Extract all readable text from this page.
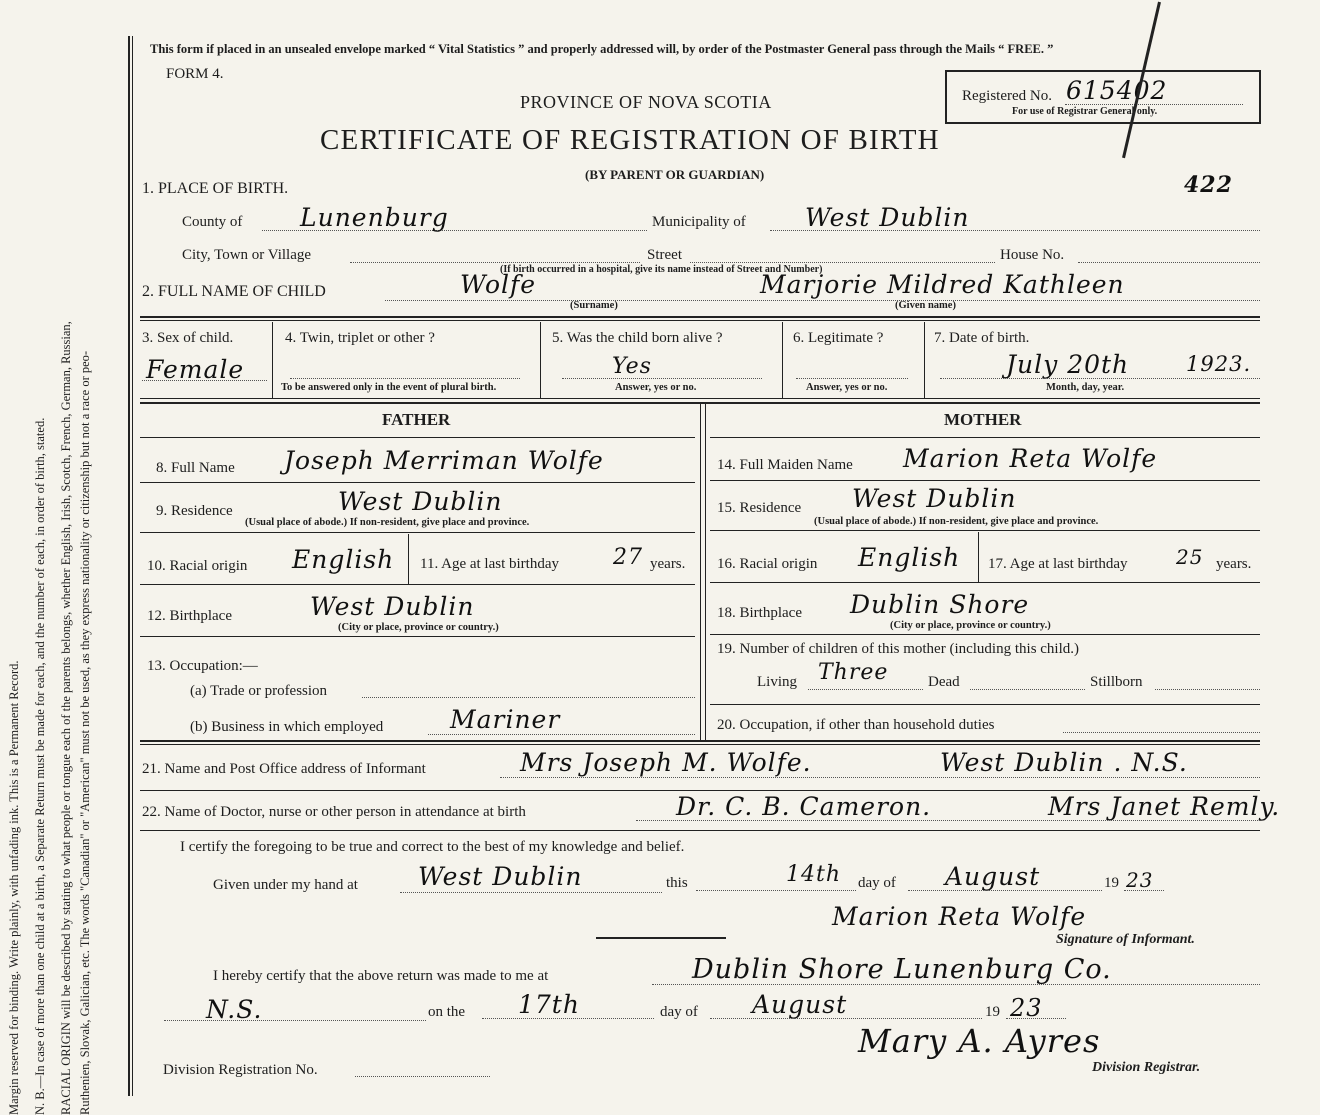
Margin reserved for binding. Write plainly, with unfading ink. This is a Permanent Record. N. B.—In case of more than one child at a birth, a Separate Return must be made for each, and the number of each, in order of birth, stated. RACIAL ORIGIN will be described by stating to what people or tongue each of the parents belongs, whether English, Irish, Scotch, French, German, Russian, Ruthenien, Slovak, Galician, etc. The words "Canadian" or "American" must not be used, as they express nationality or citizenship but not a race or peo-
This form if placed in an unsealed envelope marked “ Vital Statistics ” and properly addressed will, by order of the Postmaster General pass through the Mails “ FREE. ”
FORM 4.
PROVINCE OF NOVA SCOTIA
CERTIFICATE OF REGISTRATION OF BIRTH
(BY PARENT OR GUARDIAN)
Registered No. 615402
For use of Registrar General only.
422
1. PLACE OF BIRTH.
County of Lunenburg	Municipality of West Dublin
City, Town or Village	Street	House No.
(If birth occurred in a hospital, give its name instead of Street and Number)
2. FULL NAME OF CHILD	Wolfe	Marjorie Mildred Kathleen
(Surname)	(Given name)
3. Sex of child.
Female
4. Twin, triplet or other ?
To be answered only in the event of plural birth.
5. Was the child born alive ?
Yes
Answer, yes or no.
6. Legitimate ?
Answer, yes or no.
7. Date of birth.
July 20th	1923.
Month, day, year.
FATHER	MOTHER
8. Full Name Joseph Merriman Wolfe
9. Residence	West Dublin
(Usual place of abode.) If non-resident, give place and province.
10. Racial origin English 11. Age at last birthday 27 years.
12. Birthplace	West Dublin
(City or place, province or country.)
13. Occupation:—
(a) Trade or profession
(b) Business in which employed	Mariner
14. Full Maiden Name Marion Reta Wolfe
15. Residence West Dublin
(Usual place of abode.) If non-resident, give place and province.
16. Racial origin English 17. Age at last birthday 25 years.
18. Birthplace Dublin Shore
(City or place, province or country.)
19. Number of children of this mother (including this child.)
Living Three	Dead	Stillborn
20. Occupation, if other than household duties
21. Name and Post Office address of Informant	Mrs Joseph M. Wolfe.	West Dublin . N.S.
22. Name of Doctor, nurse or other person in attendance at birth	Dr. C. B. Cameron.	Mrs Janet Remly.
I certify the foregoing to be true and correct to the best of my knowledge and belief.
Given under my hand at West Dublin	this	14th day of August	19 23
Marion Reta Wolfe
Signature of Informant.
I hereby certify that the above return was made to me at	Dublin Shore Lunenburg Co.
N.S.	on the 17th	day of August	19 23
Mary A. Ayres
Division Registrar.
Division Registration No.
